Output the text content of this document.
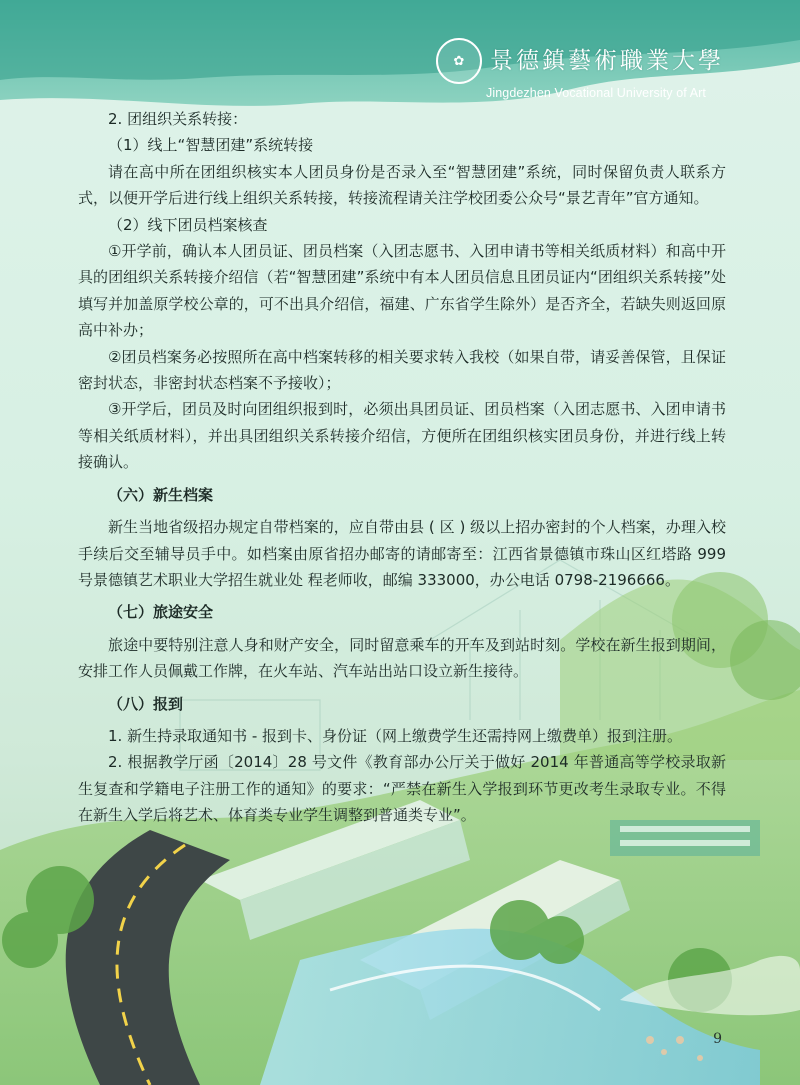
✿	景德鎮藝術職業大學
Jingdezhen Vocational University of Art

2. 团组织关系转接：

（1）线上“智慧团建”系统转接

请在高中所在团组织核实本人团员身份是否录入至“智慧团建”系统，同时保留负责人联系方式，以便开学后进行线上组织关系转接，转接流程请关注学校团委公众号“景艺青年”官方通知。

（2）线下团员档案核查

①开学前，确认本人团员证、团员档案（入团志愿书、入团申请书等相关纸质材料）和高中开具的团组织关系转接介绍信（若“智慧团建”系统中有本人团员信息且团员证内“团组织关系转接”处填写并加盖原学校公章的，可不出具介绍信，福建、广东省学生除外）是否齐全，若缺失则返回原高中补办；

②团员档案务必按照所在高中档案转移的相关要求转入我校（如果自带，请妥善保管，且保证密封状态，非密封状态档案不予接收）；

③开学后，团员及时向团组织报到时，必须出具团员证、团员档案（入团志愿书、入团申请书等相关纸质材料），并出具团组织关系转接介绍信，方便所在团组织核实团员身份，并进行线上转接确认。

（六）新生档案

新生当地省级招办规定自带档案的，应自带由县 ( 区 ) 级以上招办密封的个人档案，办理入校手续后交至辅导员手中。如档案由原省招办邮寄的请邮寄至：江西省景德镇市珠山区红塔路 999 号景德镇艺术职业大学招生就业处 程老师收，邮编 333000，办公电话 0798-2196666。

（七）旅途安全

旅途中要特别注意人身和财产安全，同时留意乘车的开车及到站时刻。学校在新生报到期间，安排工作人员佩戴工作牌，在火车站、汽车站出站口设立新生接待。

（八）报到

1. 新生持录取通知书 - 报到卡、身份证（网上缴费学生还需持网上缴费单）报到注册。

2. 根据教学厅函〔2014〕28 号文件《教育部办公厅关于做好 2014 年普通高等学校录取新生复查和学籍电子注册工作的通知》的要求：“严禁在新生入学报到环节更改考生录取专业。不得在新生入学后将艺术、体育类专业学生调整到普通类专业”。

9
